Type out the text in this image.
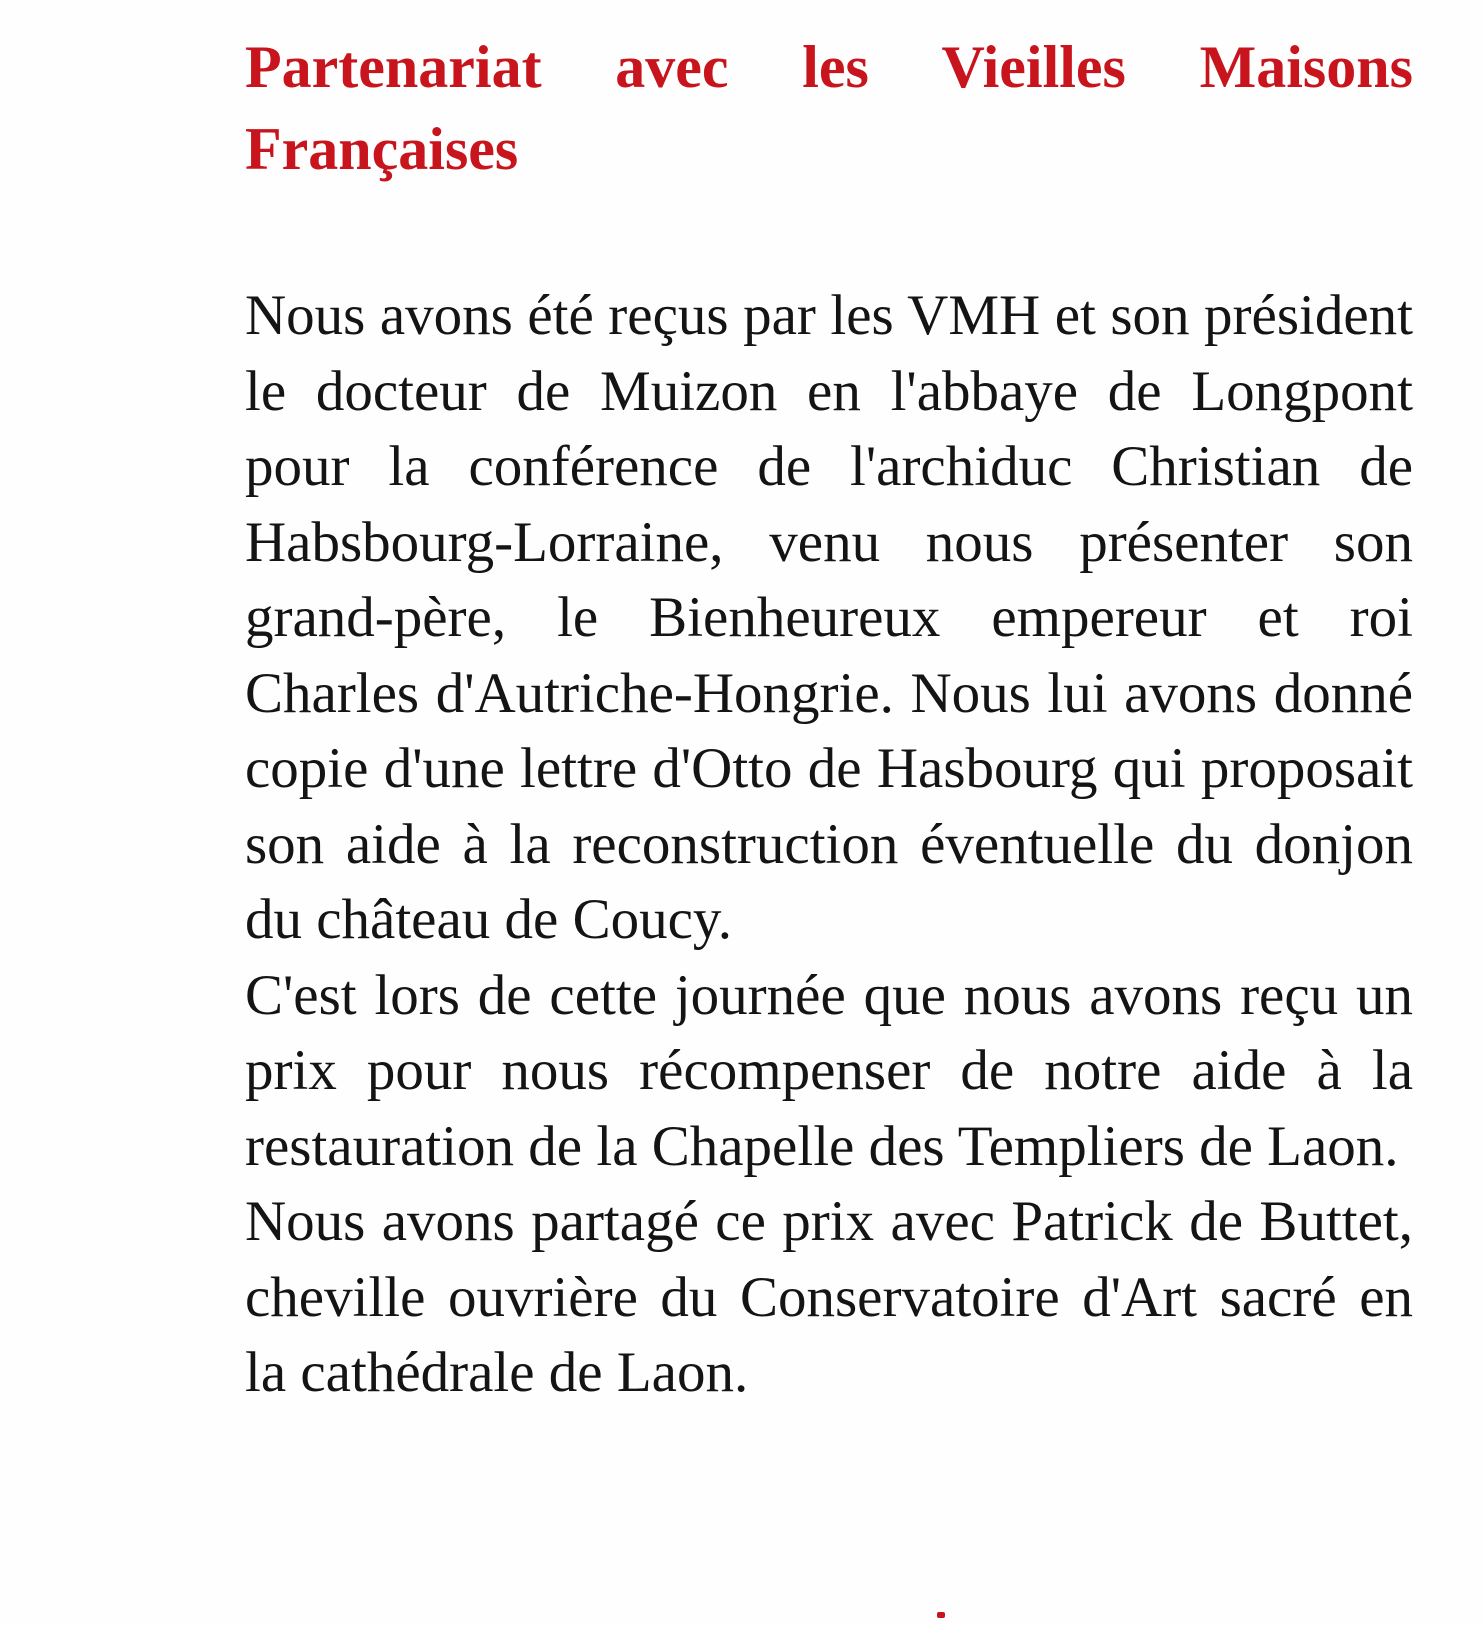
Partenariat avec les Vieilles Maisons Françaises

Nous avons été reçus par les VMH et son président le docteur de Muizon en l'abbaye de Longpont pour la conférence de l'archiduc Christian de Habsbourg-Lorraine, venu nous présenter son grand-père, le Bienheureux empereur et roi Charles d'Autriche-Hongrie. Nous lui avons donné copie d'une lettre d'Otto de Hasbourg qui proposait son aide à la reconstruction éventuelle du donjon du château de Coucy.

C'est lors de cette journée que nous avons reçu un prix pour nous récompenser de notre aide à la restauration de la Chapelle des Templiers de Laon.

Nous avons partagé ce prix avec Patrick de Buttet, cheville ouvrière du Conservatoire d'Art sacré en la cathédrale de Laon.
